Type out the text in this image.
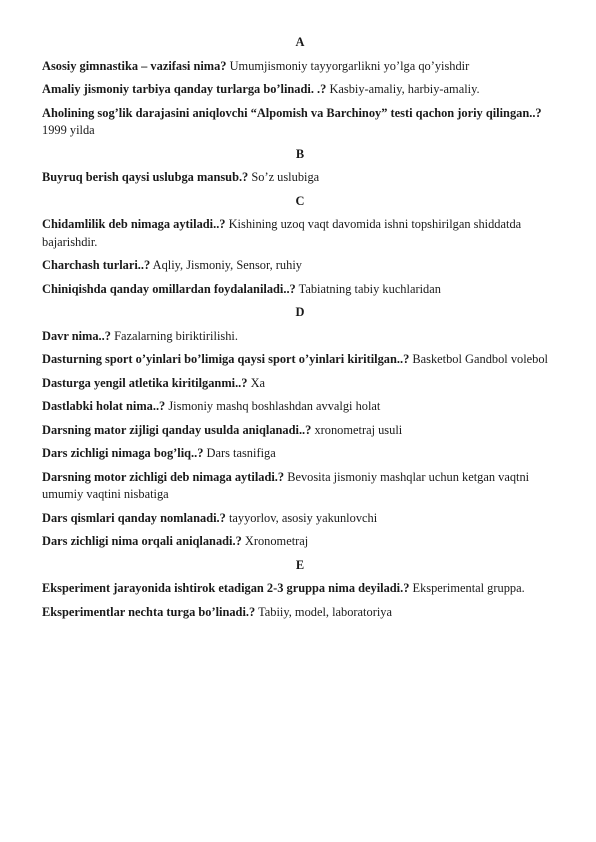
A

Asosiy gimnastika – vazifasi nima? Umumjismoniy tayyorgarlikni yo’lga qo’yishdir

Amaliy jismoniy tarbiya qanday turlarga bo’linadi. .? Kasbiy-amaliy, harbiy-amaliy.

Aholining sog’lik darajasini aniqlovchi “Alpomish va Barchinoy” testi qachon joriy qilingan..? 1999 yilda

B

Buyruq berish qaysi uslubga mansub.? So’z uslubiga

C

Chidamlilik deb nimaga aytiladi..? Kishining uzoq vaqt davomida ishni topshirilgan shiddatda bajarishdir.

Charchash turlari..? Aqliy, Jismoniy, Sensor, ruhiy

Chiniqishda qanday omillardan foydalaniladi..? Tabiatning tabiy kuchlaridan

D

Davr nima..? Fazalarning biriktirilishi.

Dasturning sport o’yinlari bo’limiga qaysi sport o’yinlari kiritilgan..? Basketbol Gandbol volebol

Dasturga yengil atletika kiritilganmi..? Xa

Dastlabki holat nima..? Jismoniy mashq boshlashdan avvalgi holat

Darsning mator zijligi qanday usulda aniqlanadi..? xronometraj usuli

Dars zichligi nimaga bog’liq..? Dars tasnifiga

Darsning motor zichligi deb nimaga aytiladi.? Bevosita jismoniy mashqlar uchun ketgan vaqtni umumiy vaqtini nisbatiga

Dars qismlari qanday nomlanadi.? tayyorlov, asosiy yakunlovchi

Dars zichligi nima orqali aniqlanadi.? Xronometraj

E

Eksperiment jarayonida ishtirok etadigan 2-3 gruppa nima deyiladi.? Eksperimental gruppa.

Eksperimentlar nechta turga bo’linadi.? Tabiiy, model, laboratoriya
